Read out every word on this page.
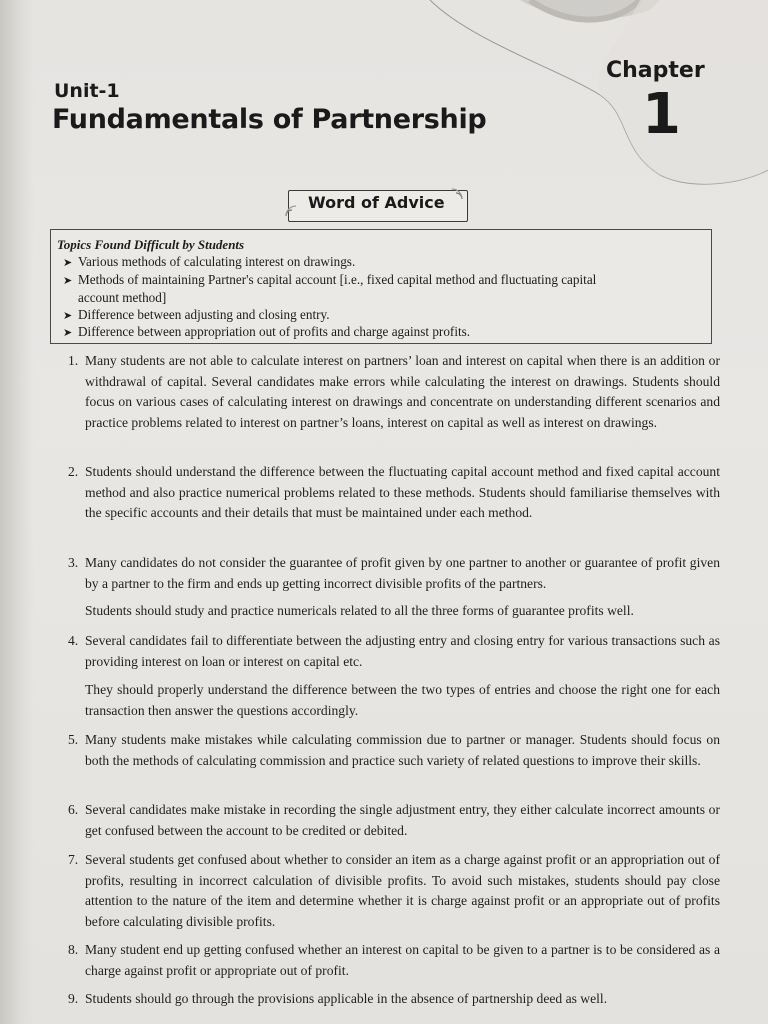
Unit-1
Fundamentals of Partnership
Chapter
1
Word of Advice
Topics Found Difficult by Students
➤ Various methods of calculating interest on drawings.
➤ Methods of maintaining Partner's capital account [i.e., fixed capital method and fluctuating capital
account method]
➤ Difference between adjusting and closing entry.
➤ Difference between appropriation out of profits and charge against profits.
1. Many students are not able to calculate interest on partners’ loan and interest on capital when there is an addition or withdrawal of capital. Several candidates make errors while calculating the interest on drawings. Students should focus on various cases of calculating interest on drawings and concentrate on understanding different scenarios and practice problems related to interest on partner’s loans, interest on capital as well as interest on drawings.
2. Students should understand the difference between the fluctuating capital account method and fixed capital account method and also practice numerical problems related to these methods. Students should familiarise themselves with the specific accounts and their details that must be maintained under each method.
3. Many candidates do not consider the guarantee of profit given by one partner to another or guarantee of profit given by a partner to the firm and ends up getting incorrect divisible profits of the partners.
Students should study and practice numericals related to all the three forms of guarantee profits well.
4. Several candidates fail to differentiate between the adjusting entry and closing entry for various transactions such as providing interest on loan or interest on capital etc.
They should properly understand the difference between the two types of entries and choose the right one for each transaction then answer the questions accordingly.
5. Many students make mistakes while calculating commission due to partner or manager. Students should focus on both the methods of calculating commission and practice such variety of related questions to improve their skills.
6. Several candidates make mistake in recording the single adjustment entry, they either calculate incorrect amounts or get confused between the account to be credited or debited.
7. Several students get confused about whether to consider an item as a charge against profit or an appropriation out of profits, resulting in incorrect calculation of divisible profits. To avoid such mistakes, students should pay close attention to the nature of the item and determine whether it is charge against profit or an appropriate out of profits before calculating divisible profits.
8. Many student end up getting confused whether an interest on capital to be given to a partner is to be considered as a charge against profit or appropriate out of profit.
9. Students should go through the provisions applicable in the absence of partnership deed as well.
